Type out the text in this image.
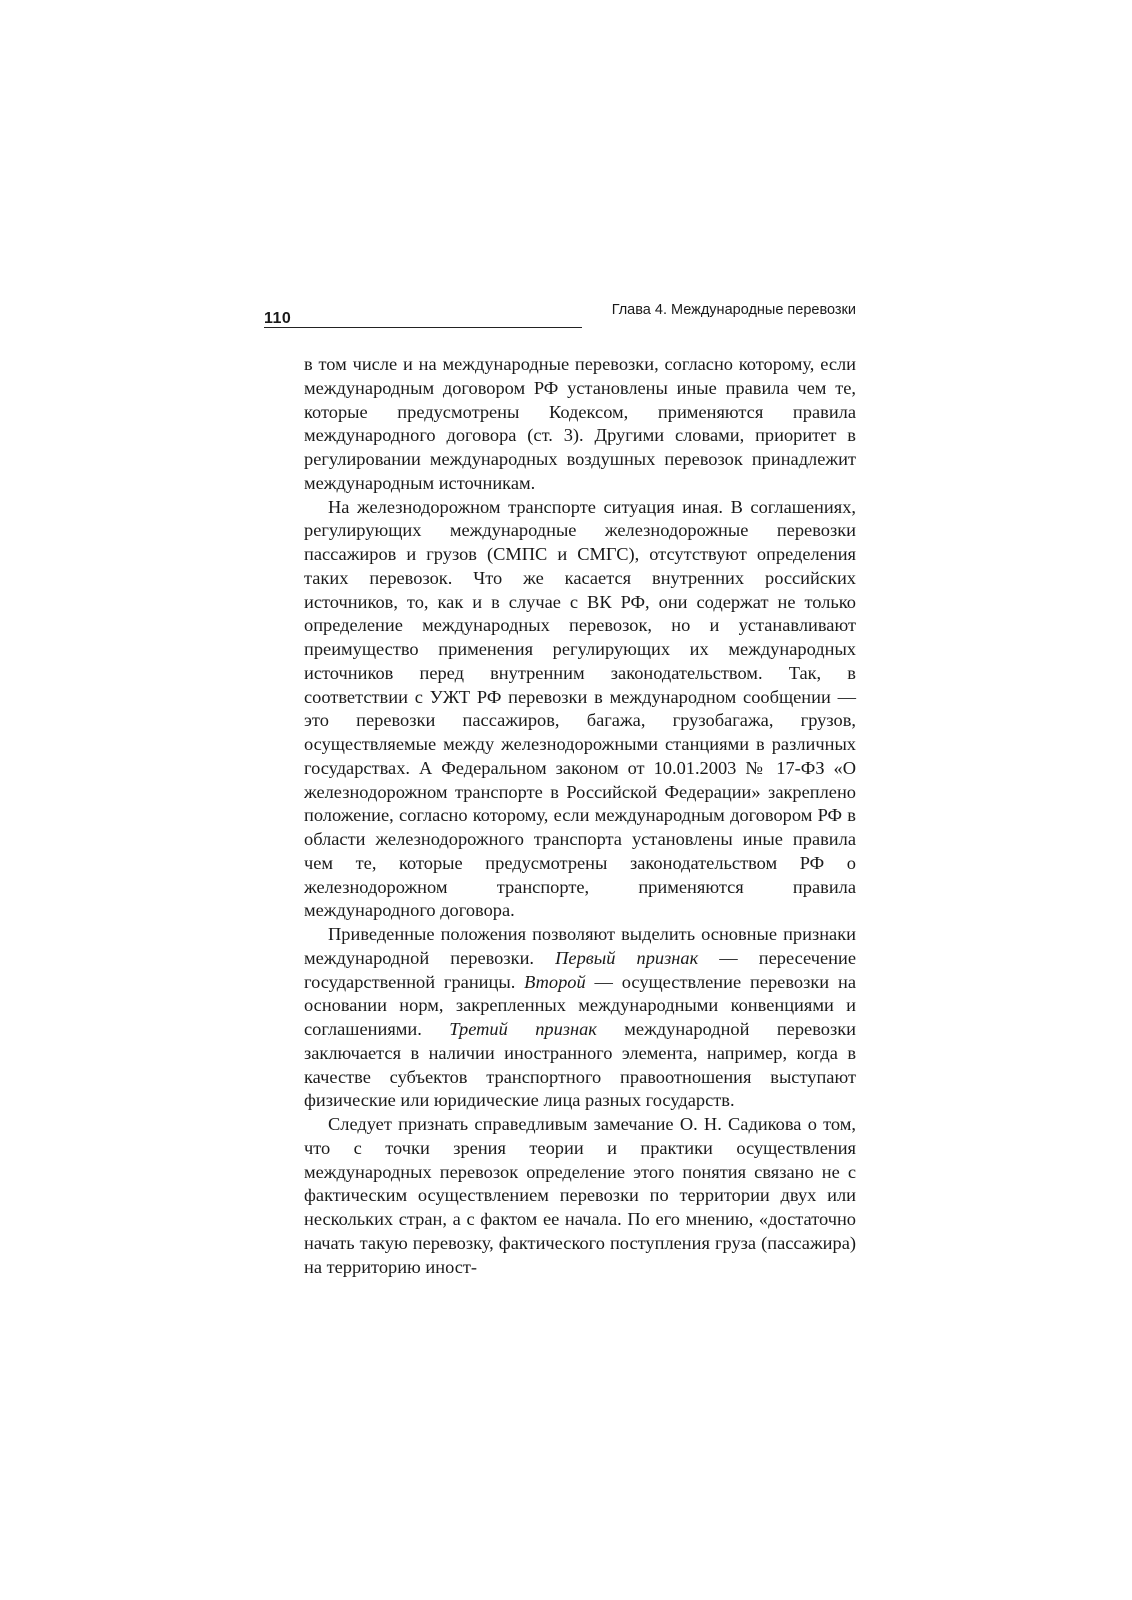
110	Глава 4. Международные перевозки

в том числе и на международные перевозки, согласно которому, если международным договором РФ установлены иные правила чем те, которые предусмотрены Кодексом, применяются правила международного договора (ст. 3). Другими словами, приоритет в регулировании международных воздушных перевозок принадлежит международным источникам.

На железнодорожном транспорте ситуация иная. В соглашениях, регулирующих международные железнодорожные перевозки пассажиров и грузов (СМПС и СМГС), отсутствуют определения таких перевозок. Что же касается внутренних российских источников, то, как и в случае с ВК РФ, они содержат не только определение международных перевозок, но и устанавливают преимущество применения регулирующих их международных источников перед внутренним законодательством. Так, в соответствии с УЖТ РФ перевозки в международном сообщении — это перевозки пассажиров, багажа, грузобагажа, грузов, осуществляемые между железнодорожными станциями в различных государствах. А Федеральном законом от 10.01.2003 № 17-ФЗ «О железнодорожном транспорте в Российской Федерации» закреплено положение, согласно которому, если международным договором РФ в области железнодорожного транспорта установлены иные правила чем те, которые предусмотрены законодательством РФ о железнодорожном транспорте, применяются правила международного договора.

Приведенные положения позволяют выделить основные признаки международной перевозки. Первый признак — пересечение государственной границы. Второй — осуществление перевозки на основании норм, закрепленных международными конвенциями и соглашениями. Третий признак международной перевозки заключается в наличии иностранного элемента, например, когда в качестве субъектов транспортного правоотношения выступают физические или юридические лица разных государств.

Следует признать справедливым замечание О. Н. Садикова о том, что с точки зрения теории и практики осуществления международных перевозок определение этого понятия связано не с фактическим осуществлением перевозки по территории двух или нескольких стран, а с фактом ее начала. По его мнению, «достаточно начать такую перевозку, фактического поступления груза (пассажира) на территорию иност-
